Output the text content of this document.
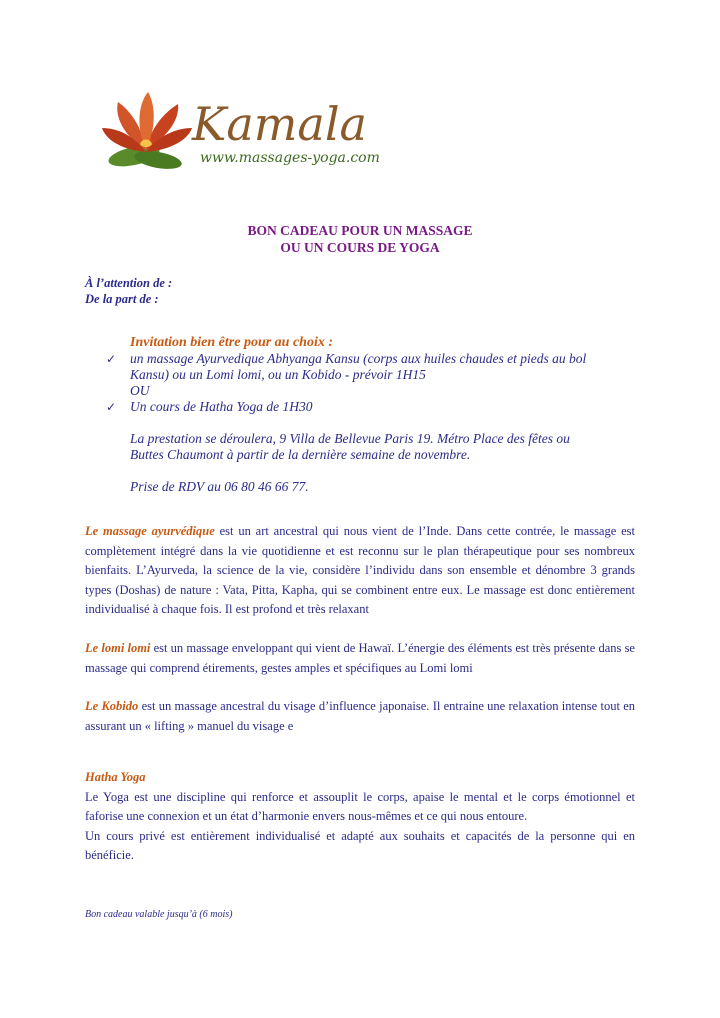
Kamala
www.massages-yoga.com
BON CADEAU POUR UN MASSAGE
OU UN COURS DE YOGA
À l’attention de :
De la part de :
Invitation bien être pour au choix :
✓ un massage Ayurvedique Abhyanga Kansu (corps aux huiles chaudes et pieds au bol
Kansu) ou un Lomi lomi, ou un Kobido - prévoir 1H15
OU
✓ Un cours de Hatha Yoga de 1H30
La prestation se déroulera, 9 Villa de Bellevue Paris 19. Métro Place des fêtes ou
Buttes Chaumont à partir de la dernière semaine de novembre.
Prise de RDV au 06 80 46 66 77.
Le massage ayurvédique est un art ancestral qui nous vient de l’Inde. Dans cette contrée, le massage est complètement intégré dans la vie quotidienne et est reconnu sur le plan thérapeutique pour ses nombreux bienfaits. L’Ayurveda, la science de la vie, considère l’individu dans son ensemble et dénombre 3 grands types (Doshas) de nature : Vata, Pitta, Kapha, qui se combinent entre eux. Le massage est donc entièrement individualisé à chaque fois. Il est profond et très relaxant
Le lomi lomi est un massage enveloppant qui vient de Hawaï. L’énergie des éléments est très présente dans se massage qui comprend étirements, gestes amples et spécifiques au Lomi lomi
Le Kobido est un massage ancestral du visage d’influence japonaise. Il entraine une relaxation intense tout en assurant un « lifting » manuel du visage e
Hatha Yoga
Le Yoga est une discipline qui renforce et assouplit le corps, apaise le mental et le corps émotionnel et faforise une connexion et un état d’harmonie envers nous-mêmes et ce qui nous entoure.
Un cours privé est entièrement individualisé et adapté aux souhaits et capacités de la personne qui en bénéficie.
Bon cadeau valable jusqu’à (6 mois)
